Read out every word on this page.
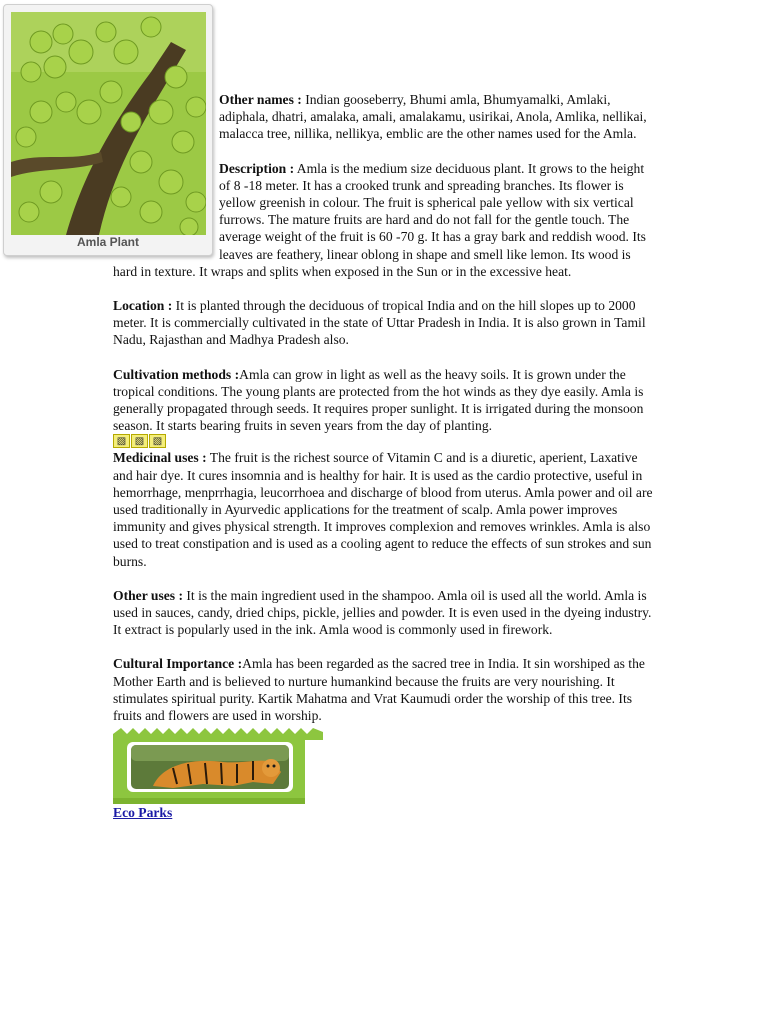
Amla Plant

Other names : Indian gooseberry, Bhumi amla, Bhumyamalki, Amlaki, adiphala, dhatri, amalaka, amali, amalakamu, usirikai, Anola, Amlika, nellikai, malacca tree, nillika, nellikya, emblic are the other names used for the Amla.

Description : Amla is the medium size deciduous plant. It grows to the height of 8 -18 meter. It has a crooked trunk and spreading branches. Its flower is yellow greenish in colour. The fruit is spherical pale yellow with six vertical furrows. The mature fruits are hard and do not fall for the gentle touch. The average weight of the fruit is 60 -70 g. It has a gray bark and reddish wood. Its leaves are feathery, linear oblong in shape and smell like lemon. Its wood is hard in texture. It wraps and splits when exposed in the Sun or in the excessive heat.

Location : It is planted through the deciduous of tropical India and on the hill slopes up to 2000 meter. It is commercially cultivated in the state of Uttar Pradesh in India. It is also grown in Tamil Nadu, Rajasthan and Madhya Pradesh also.

Cultivation methods :Amla can grow in light as well as the heavy soils. It is grown under the tropical conditions. The young plants are protected from the hot winds as they dye easily. Amla is generally propagated through seeds. It requires proper sunlight. It is irrigated during the monsoon season. It starts bearing fruits in seven years from the day of planting.

▧ ▧ ▧

Medicinal uses : The fruit is the richest source of Vitamin C and is a diuretic, aperient, Laxative and hair dye. It cures insomnia and is healthy for hair. It is used as the cardio protective, useful in hemorrhage, menprrhagia, leucorrhoea and discharge of blood from uterus. Amla power and oil are used traditionally in Ayurvedic applications for the treatment of scalp. Amla power improves immunity and gives physical strength. It improves complexion and removes wrinkles. Amla is also used to treat constipation and is used as a cooling agent to reduce the effects of sun strokes and sun burns.

Other uses : It is the main ingredient used in the shampoo. Amla oil is used all the world. Amla is used in sauces, candy, dried chips, pickle, jellies and powder. It is even used in the dyeing industry. It extract is popularly used in the ink. Amla wood is commonly used in firework.

Cultural Importance :Amla has been regarded as the sacred tree in India. It sin worshiped as the Mother Earth and is believed to nurture humankind because the fruits are very nourishing. It stimulates spiritual purity. Kartik Mahatma and Vrat Kaumudi order the worship of this tree. Its fruits and flowers are used in worship.

Eco Parks
